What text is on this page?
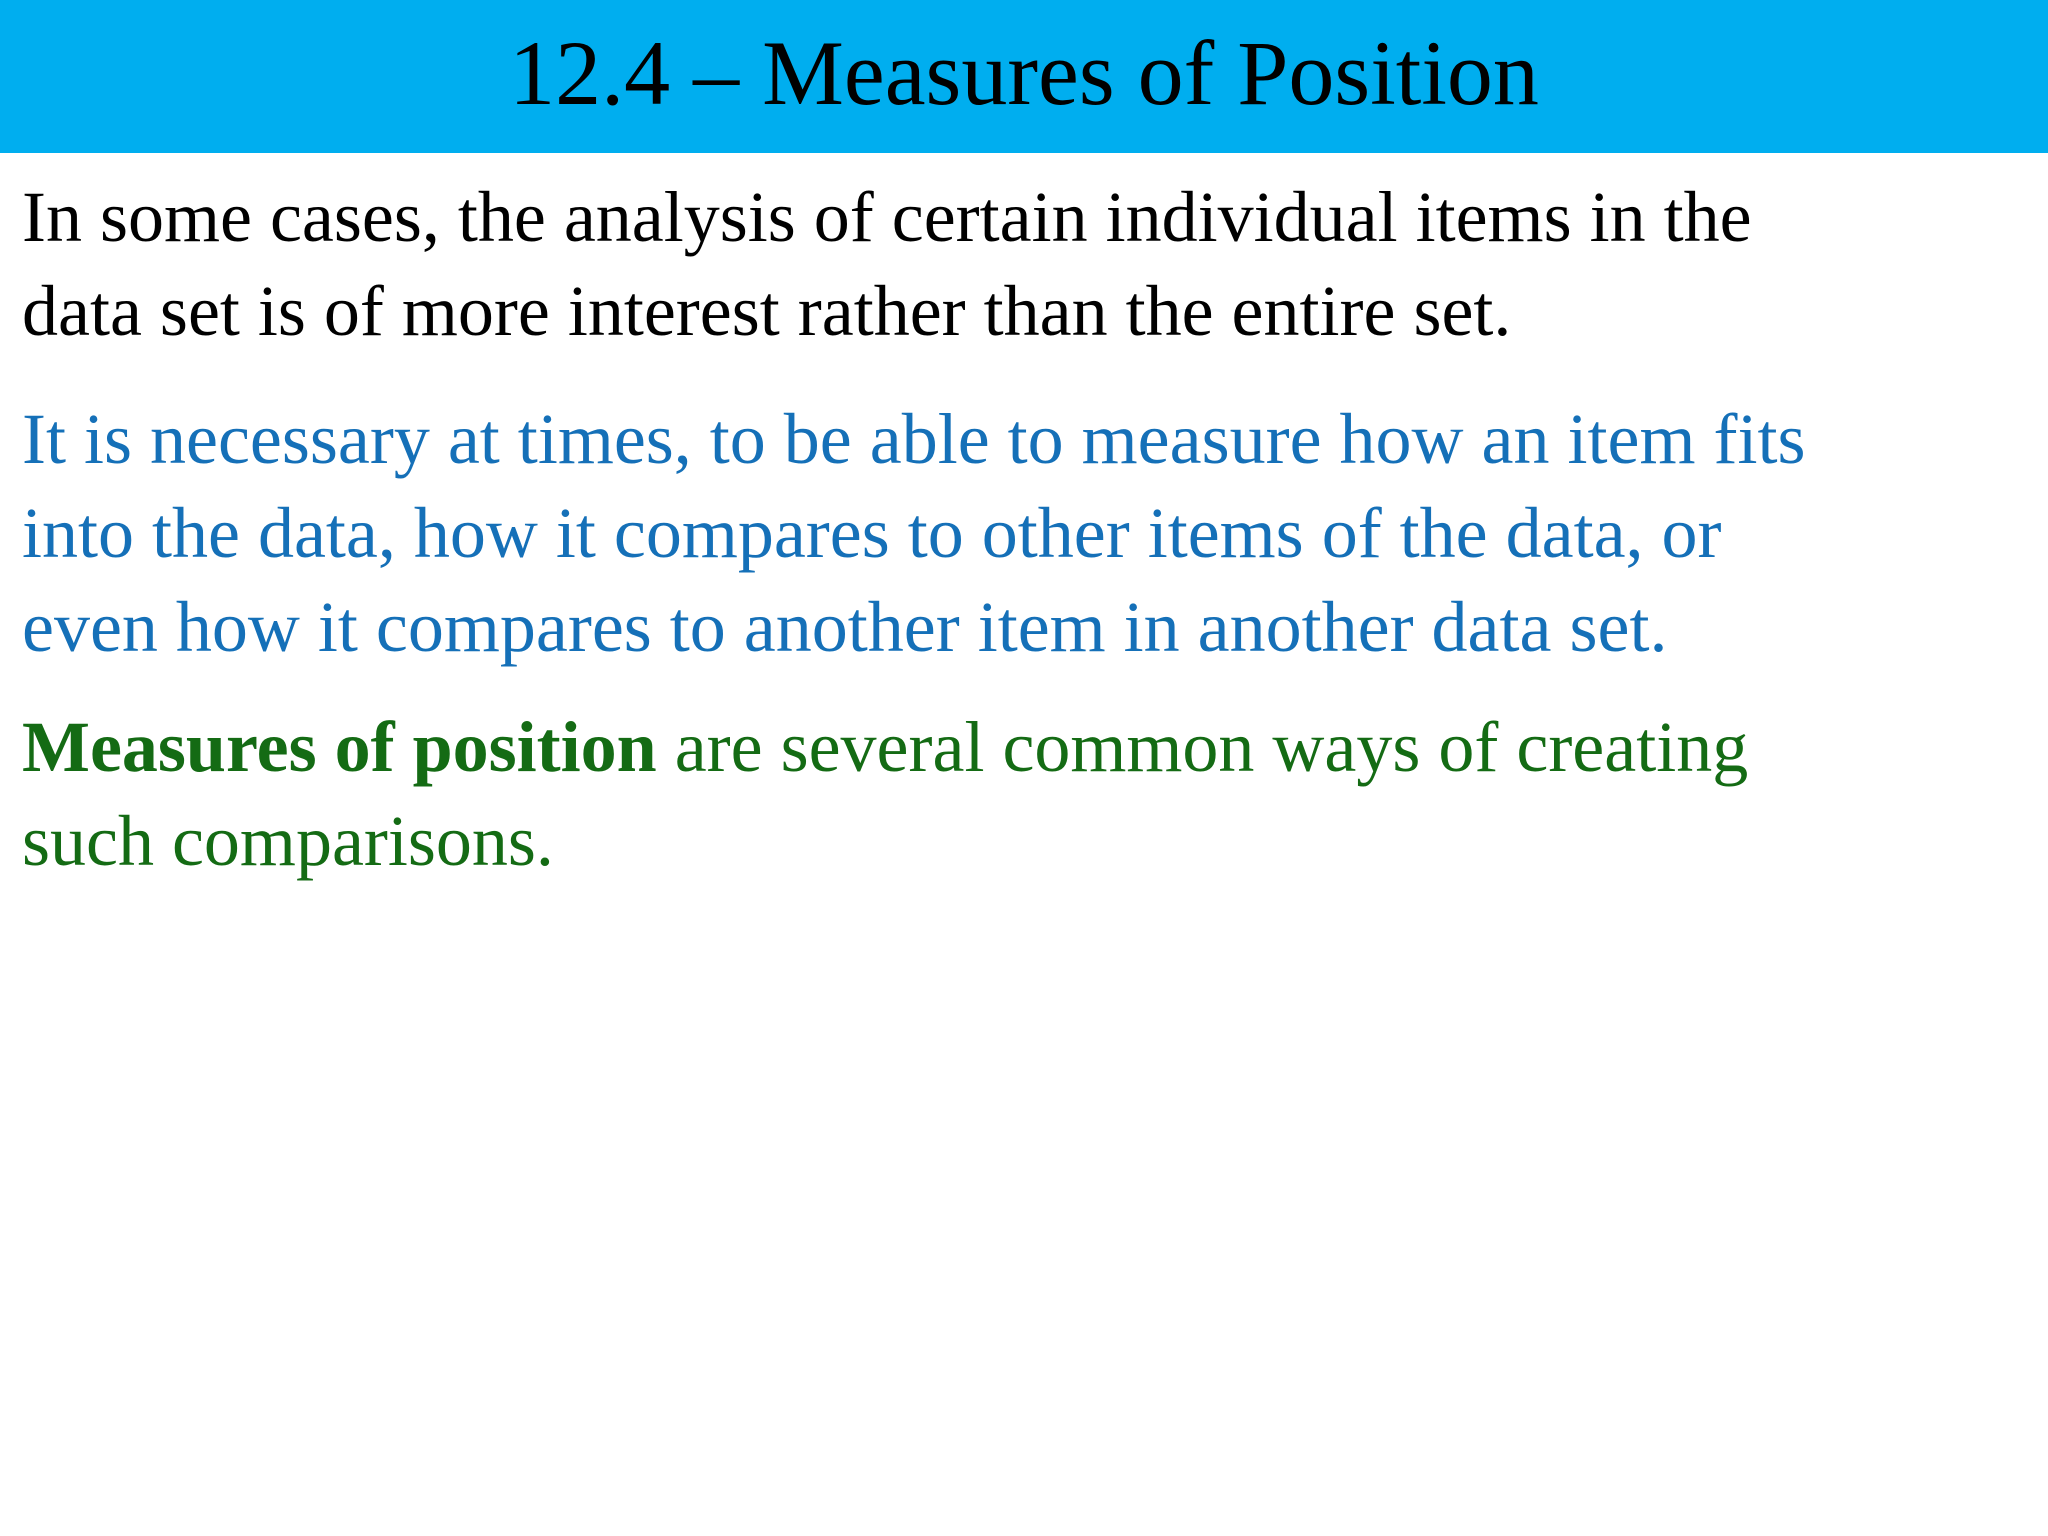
12.4 – Measures of Position

In some cases, the analysis of certain individual items in the
data set is of more interest rather than the entire set.

It is necessary at times, to be able to measure how an item fits
into the data, how it compares to other items of the data, or
even how it compares to another item in another data set.

Measures of position are several common ways of creating
such comparisons.
